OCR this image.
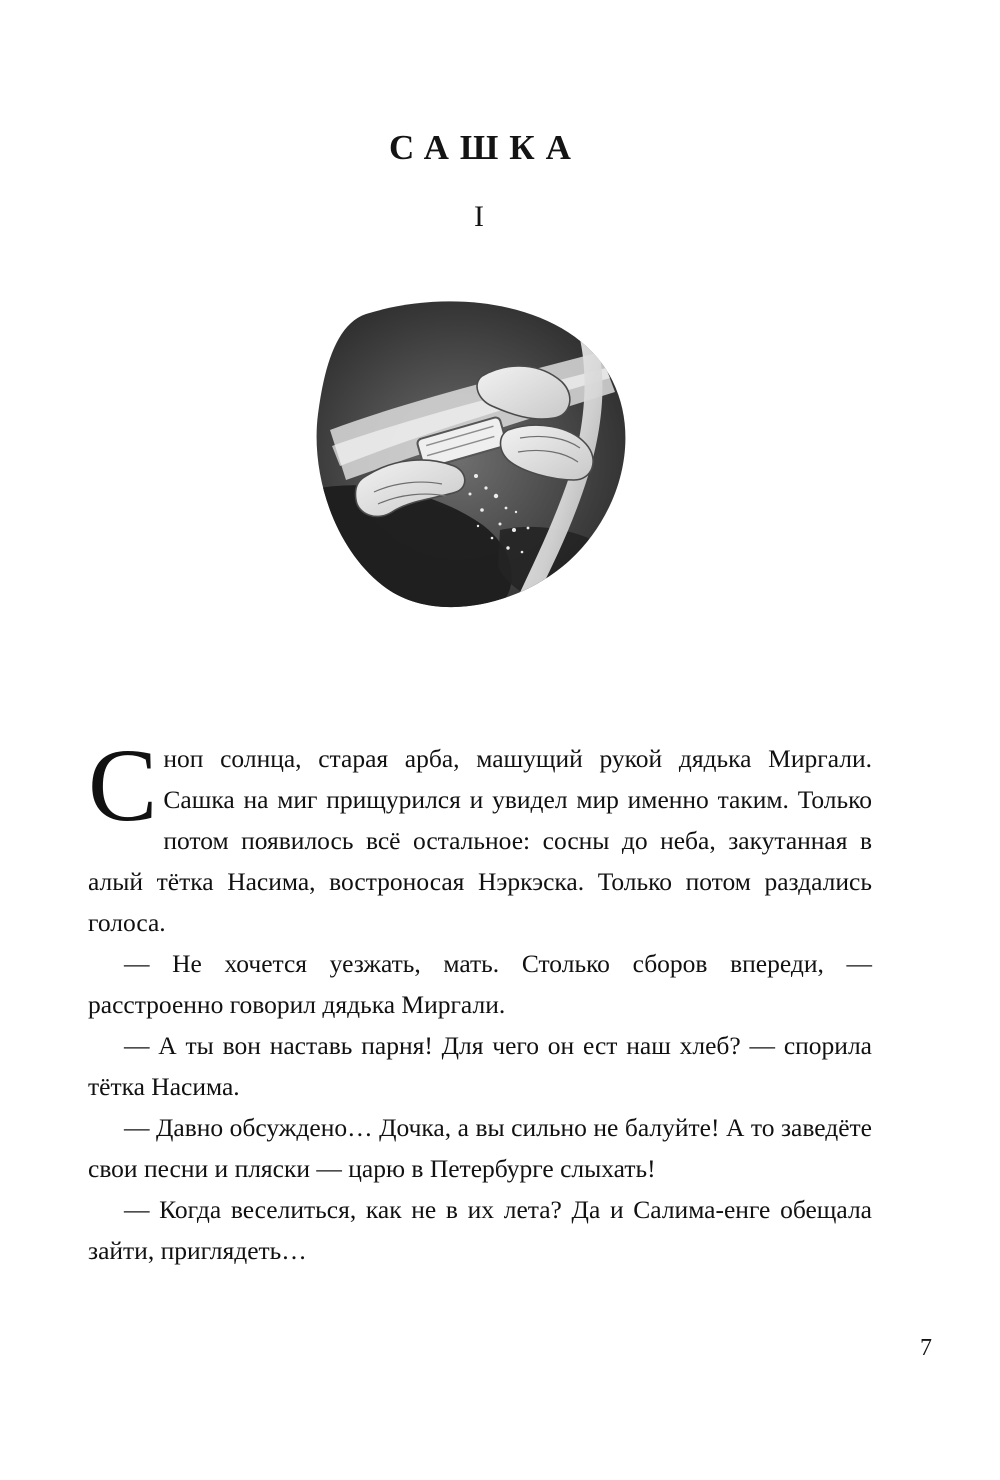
САШКА
I

Сноп солнца, старая арба, машущий рукой дядька Миргали. Сашка на миг прищурился и увидел мир именно таким. Только потом появилось всё остальное: сосны до неба, закутанная в алый тётка Насима, востроносая Нэркэска. Только потом раздались голоса.

— Не хочется уезжать, мать. Столько сборов впереди, — расстроенно говорил дядька Миргали.

— А ты вон наставь парня! Для чего он ест наш хлеб? — спорила тётка Насима.

— Давно обсуждено… Дочка, а вы сильно не балуйте! А то заведёте свои песни и пляски — царю в Петербурге слыхать!

— Когда веселиться, как не в их лета? Да и Салима-енге обещала зайти, приглядеть…

7
